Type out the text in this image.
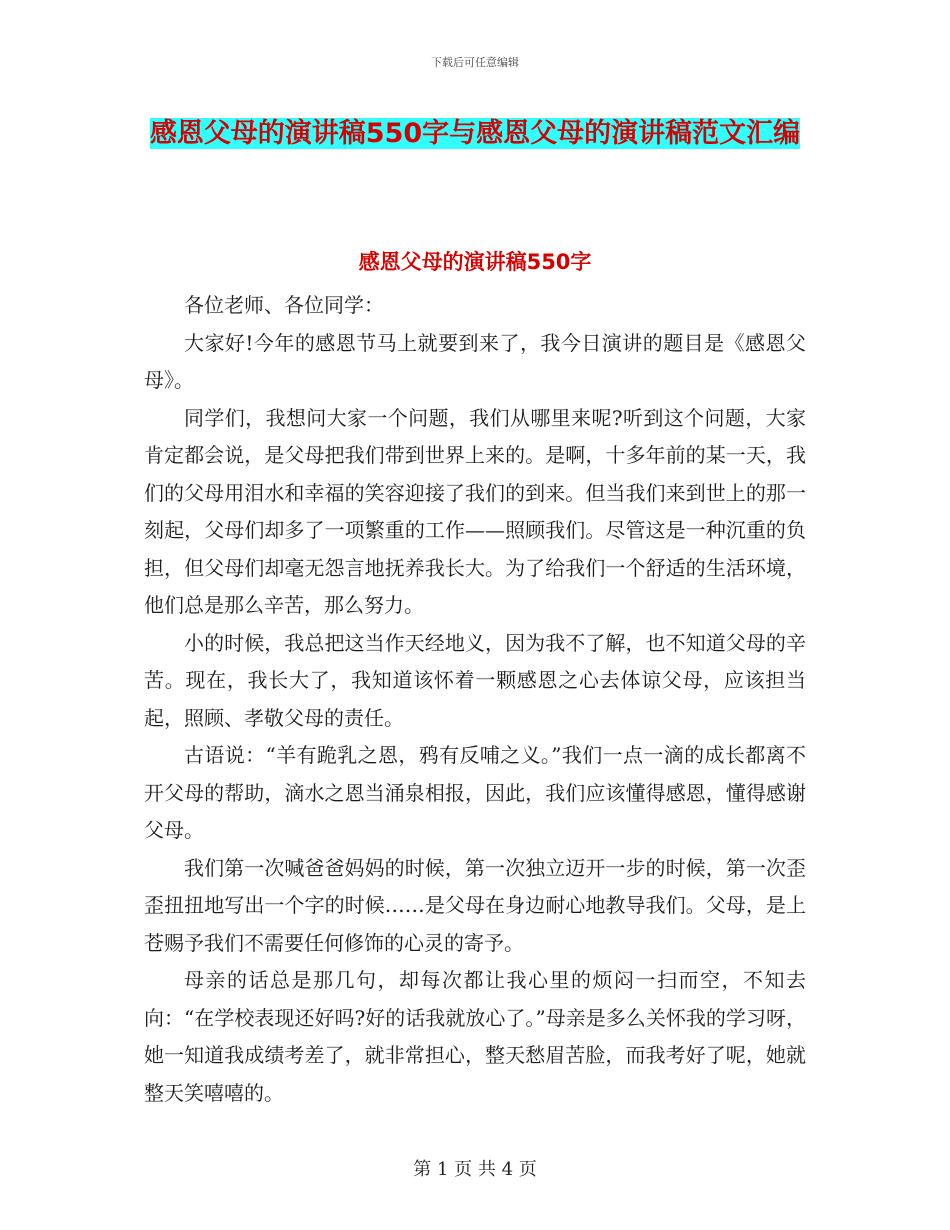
下载后可任意编辑
感恩父母的演讲稿550字与感恩父母的演讲稿范文汇编
感恩父母的演讲稿550字

各位老师、各位同学：

大家好!今年的感恩节马上就要到来了，我今日演讲的题目是《感恩父母》。

同学们，我想问大家一个问题，我们从哪里来呢?听到这个问题，大家肯定都会说，是父母把我们带到世界上来的。是啊，十多年前的某一天，我们的父母用泪水和幸福的笑容迎接了我们的到来。但当我们来到世上的那一刻起，父母们却多了一项繁重的工作——照顾我们。尽管这是一种沉重的负担，但父母们却毫无怨言地抚养我长大。为了给我们一个舒适的生活环境，他们总是那么辛苦，那么努力。

小的时候，我总把这当作天经地义，因为我不了解，也不知道父母的辛苦。现在，我长大了，我知道该怀着一颗感恩之心去体谅父母，应该担当起，照顾、孝敬父母的责任。

古语说：“羊有跪乳之恩，鸦有反哺之义。”我们一点一滴的成长都离不开父母的帮助，滴水之恩当涌泉相报，因此，我们应该懂得感恩，懂得感谢父母。

我们第一次喊爸爸妈妈的时候，第一次独立迈开一步的时候，第一次歪歪扭扭地写出一个字的时候……是父母在身边耐心地教导我们。父母，是上苍赐予我们不需要任何修饰的心灵的寄予。

母亲的话总是那几句，却每次都让我心里的烦闷一扫而空，不知去向：“在学校表现还好吗?好的话我就放心了。”母亲是多么关怀我的学习呀，她一知道我成绩考差了，就非常担心，整天愁眉苦脸，而我考好了呢，她就整天笑嘻嘻的。

第 1 页 共 4 页
